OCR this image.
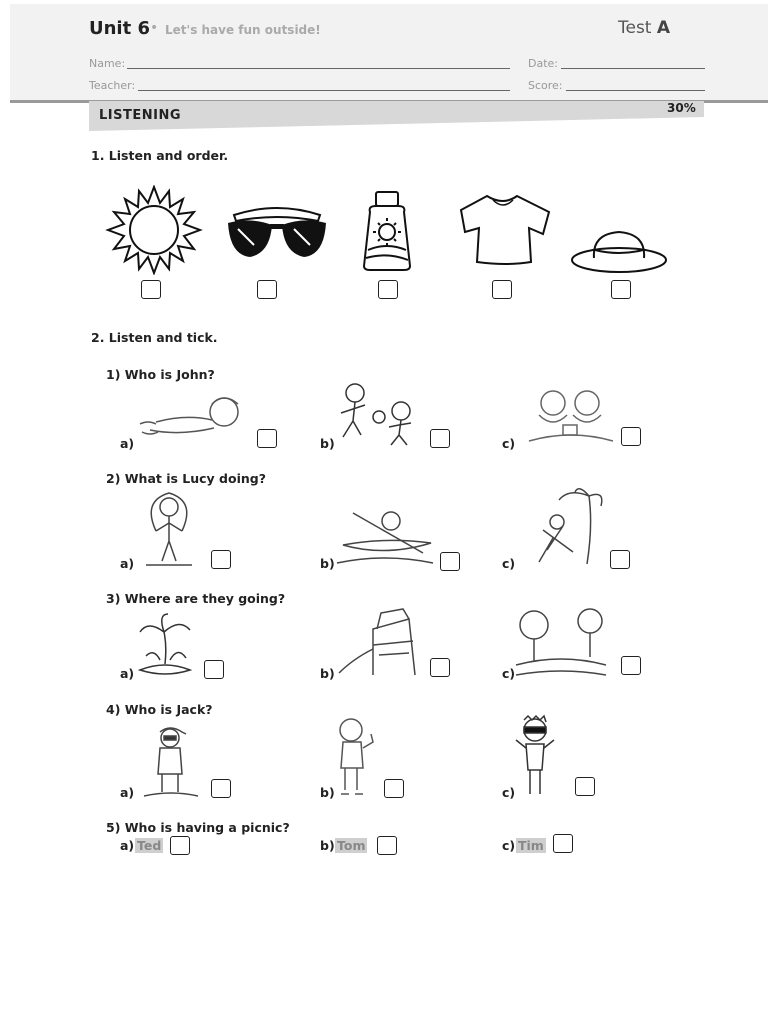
Unit 6 • Let's have fun outside!	Test A
Name:	Date:
Teacher:	Score:
LISTENING	30%
1. Listen and order.
2. Listen and tick.
1) Who is John?
a)	b)	c)
2) What is Lucy doing?
a)	b)	c)
3) Where are they going?
a)	b)	c)
4) Who is Jack?
a)	b)	c)
5) Who is having a picnic?
a) Ted	b) Tom	c) Tim
